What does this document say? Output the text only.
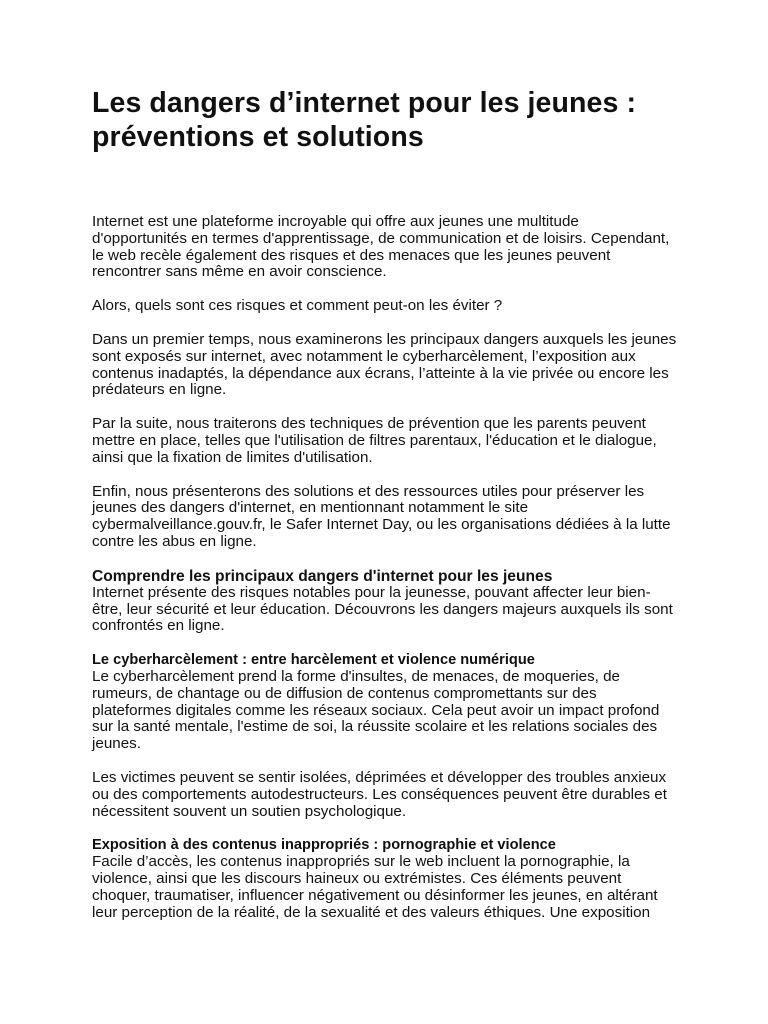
Les dangers d’internet pour les jeunes : préventions et solutions

Internet est une plateforme incroyable qui offre aux jeunes une multitude d'opportunités en termes d'apprentissage, de communication et de loisirs. Cependant, le web recèle également des risques et des menaces que les jeunes peuvent rencontrer sans même en avoir conscience.

Alors, quels sont ces risques et comment peut-on les éviter ?

Dans un premier temps, nous examinerons les principaux dangers auxquels les jeunes sont exposés sur internet, avec notamment le cyberharcèlement, l’exposition aux contenus inadaptés, la dépendance aux écrans, l’atteinte à la vie privée ou encore les prédateurs en ligne.

Par la suite, nous traiterons des techniques de prévention que les parents peuvent mettre en place, telles que l'utilisation de filtres parentaux, l'éducation et le dialogue, ainsi que la fixation de limites d'utilisation.

Enfin, nous présenterons des solutions et des ressources utiles pour préserver les jeunes des dangers d'internet, en mentionnant notamment le site cybermalveillance.gouv.fr, le Safer Internet Day, ou les organisations dédiées à la lutte contre les abus en ligne.

Comprendre les principaux dangers d'internet pour les jeunes

Internet présente des risques notables pour la jeunesse, pouvant affecter leur bien-être, leur sécurité et leur éducation. Découvrons les dangers majeurs auxquels ils sont confrontés en ligne.

Le cyberharcèlement : entre harcèlement et violence numérique

Le cyberharcèlement prend la forme d'insultes, de menaces, de moqueries, de rumeurs, de chantage ou de diffusion de contenus compromettants sur des plateformes digitales comme les réseaux sociaux. Cela peut avoir un impact profond sur la santé mentale, l'estime de soi, la réussite scolaire et les relations sociales des jeunes.

Les victimes peuvent se sentir isolées, déprimées et développer des troubles anxieux ou des comportements autodestructeurs. Les conséquences peuvent être durables et nécessitent souvent un soutien psychologique.

Exposition à des contenus inappropriés : pornographie et violence

Facile d’accès, les contenus inappropriés sur le web incluent la pornographie, la violence, ainsi que les discours haineux ou extrémistes. Ces éléments peuvent choquer, traumatiser, influencer négativement ou désinformer les jeunes, en altérant leur perception de la réalité, de la sexualité et des valeurs éthiques. Une exposition
